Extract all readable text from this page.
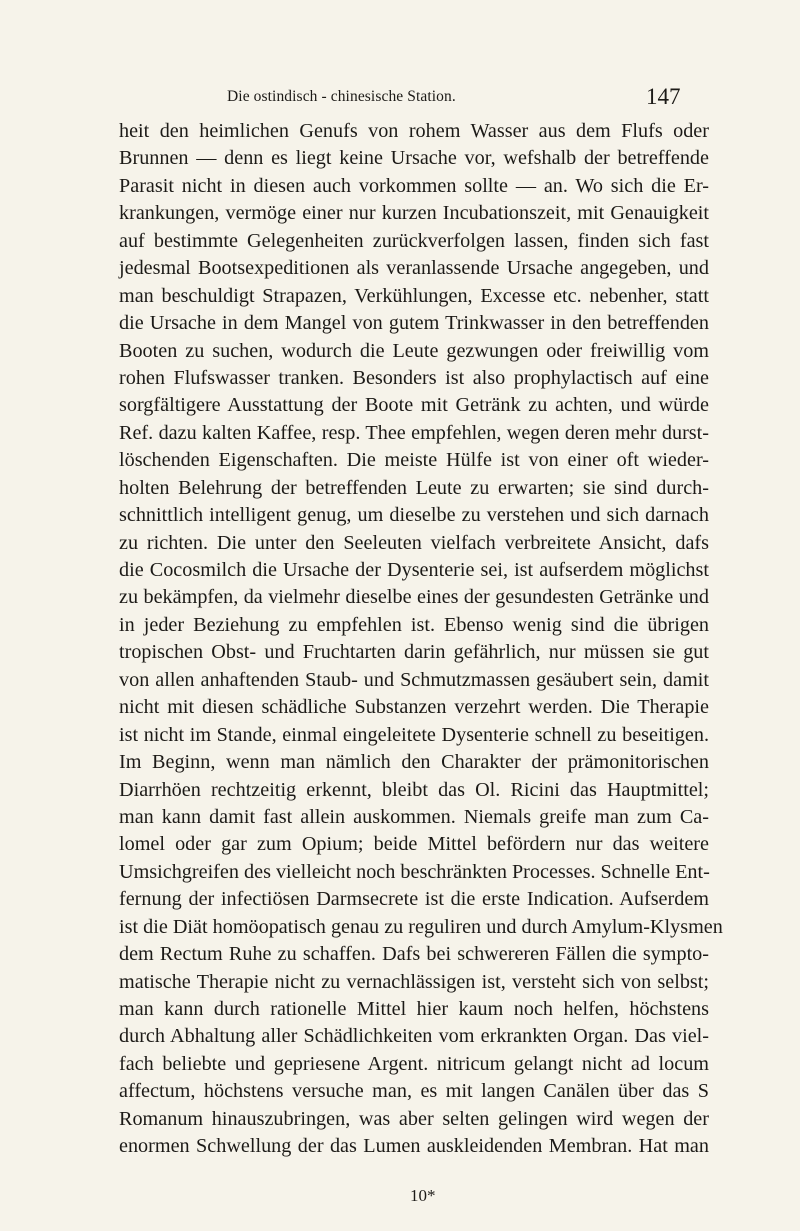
Die ostindisch - chinesische Station.	147
heit den heimlichen Genufs von rohem Wasser aus dem Flufs oder
Brunnen — denn es liegt keine Ursache vor, wefshalb der betreffende
Parasit nicht in diesen auch vorkommen sollte — an. Wo sich die Er-
krankungen, vermöge einer nur kurzen Incubationszeit, mit Genauigkeit
auf bestimmte Gelegenheiten zurückverfolgen lassen, finden sich fast
jedesmal Bootsexpeditionen als veranlassende Ursache angegeben, und
man beschuldigt Strapazen, Verkühlungen, Excesse etc. nebenher, statt
die Ursache in dem Mangel von gutem Trinkwasser in den betreffenden
Booten zu suchen, wodurch die Leute gezwungen oder freiwillig vom
rohen Flufswasser tranken. Besonders ist also prophylactisch auf eine
sorgfältigere Ausstattung der Boote mit Getränk zu achten, und würde
Ref. dazu kalten Kaffee, resp. Thee empfehlen, wegen deren mehr durst-
löschenden Eigenschaften. Die meiste Hülfe ist von einer oft wieder-
holten Belehrung der betreffenden Leute zu erwarten; sie sind durch-
schnittlich intelligent genug, um dieselbe zu verstehen und sich darnach
zu richten. Die unter den Seeleuten vielfach verbreitete Ansicht, dafs
die Cocosmilch die Ursache der Dysenterie sei, ist aufserdem möglichst
zu bekämpfen, da vielmehr dieselbe eines der gesundesten Getränke und
in jeder Beziehung zu empfehlen ist. Ebenso wenig sind die übrigen
tropischen Obst- und Fruchtarten darin gefährlich, nur müssen sie gut
von allen anhaftenden Staub- und Schmutzmassen gesäubert sein, damit
nicht mit diesen schädliche Substanzen verzehrt werden. Die Therapie
ist nicht im Stande, einmal eingeleitete Dysenterie schnell zu beseitigen.
Im Beginn, wenn man nämlich den Charakter der prämonitorischen
Diarrhöen rechtzeitig erkennt, bleibt das Ol. Ricini das Hauptmittel;
man kann damit fast allein auskommen. Niemals greife man zum Ca-
lomel oder gar zum Opium; beide Mittel befördern nur das weitere
Umsichgreifen des vielleicht noch beschränkten Processes. Schnelle Ent-
fernung der infectiösen Darmsecrete ist die erste Indication. Aufserdem
ist die Diät homöopatisch genau zu reguliren und durch Amylum-Klysmen
dem Rectum Ruhe zu schaffen. Dafs bei schwereren Fällen die sympto-
matische Therapie nicht zu vernachlässigen ist, versteht sich von selbst;
man kann durch rationelle Mittel hier kaum noch helfen, höchstens
durch Abhaltung aller Schädlichkeiten vom erkrankten Organ. Das viel-
fach beliebte und gepriesene Argent. nitricum gelangt nicht ad locum
affectum, höchstens versuche man, es mit langen Canälen über das S
Romanum hinauszubringen, was aber selten gelingen wird wegen der
enormen Schwellung der das Lumen auskleidenden Membran. Hat man
10*
